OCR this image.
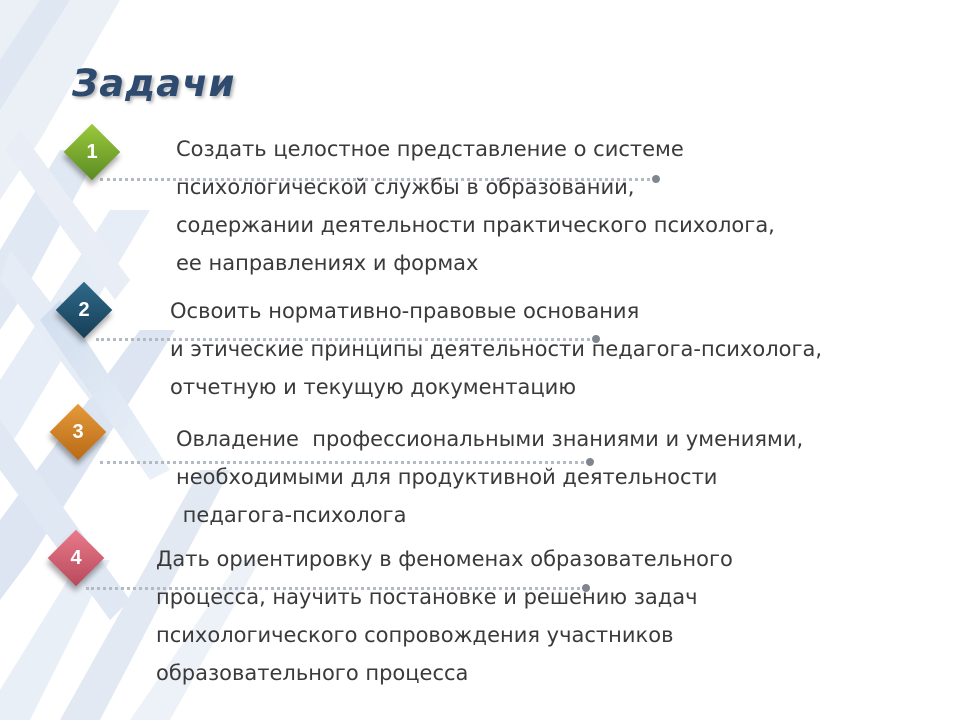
Задачи
1	Создать целостное представление о системе
психологической службы в образовании,
содержании деятельности практического психолога,
ее направлениях и формах
2	Освоить нормативно-правовые основания
и этические принципы деятельности педагога-психолога,
отчетную и текущую документацию
3	Овладение  профессиональными знаниями и умениями,
необходимыми для продуктивной деятельности
педагога-психолога
4	Дать ориентировку в феноменах образовательного
процесса, научить постановке и решению задач
психологического сопровождения участников
образовательного процесса
